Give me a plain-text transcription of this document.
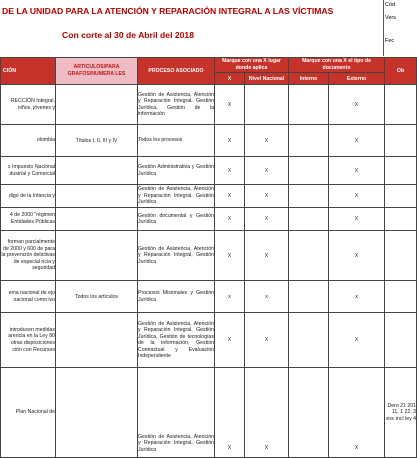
DE LA UNIDAD PARA LA ATENCIÓN Y REPARACIÓN INTEGRAL A LAS VÍCTIMAS
Con corte al 30 de Abril del 2018
Cód
Vers
Fec
CIÓN	ARTICULOS/PARA GRAFOS/NUMERA LES	PROCESO ASOCIADO	Marque con una X lugar donde aplica		Marque con una X el tipo de documento		Ob
			X	Nivel Nacional	Interno	Externo	
RECCIÓN Integral, niños, jóvenes y		Gestión de Asistencia, Atención y Reparación Integral, Gestión Jurídica, Gestión de la información	X			X	
olombia	Títulos I, II, III y IV	Todos los procesos	X	X		X	
s Impuesto Nacional dustrial y Comercial		Gestión Administrativa y Gestión Jurídica	X	X		X	
digo de la Infancia y		Gestión de Asistencia, Atención y Reparación Integral, Gestión Jurídica	X	X		X	
4 de 2000 "régimen Entidades Públicas		Gestión documental y Gestión Jurídica	X	X		X	
forman parcialmente de 2000 y 600 de para la prevención delictivas de especial ncia y seguridad		Gestión de Asistencia, Atención y Reparación Integral, Gestión Jurídica	X	X		X	
ema nacional de ejo nacional como ivo	Todos los artículos	Procesos Misionales y Gestión Jurídica	x	x		x	
introducen medidas arencia en la Ley 80 otras disposiciones ción con Recursos		Gestión de Asistencia, Atención y Reparación Integral, Gestión Jurídica, Gestión de tecnologías de la información, Gestión Contractual y Evaluación Independiente	X	X		X	
Plan Nacional de		Gestión de Asistencia, Atención y Reparación Integral, Gestión Jurídica	X	X		X	Dero 21 201 11, 1 22, 3 exc incl ley 4
